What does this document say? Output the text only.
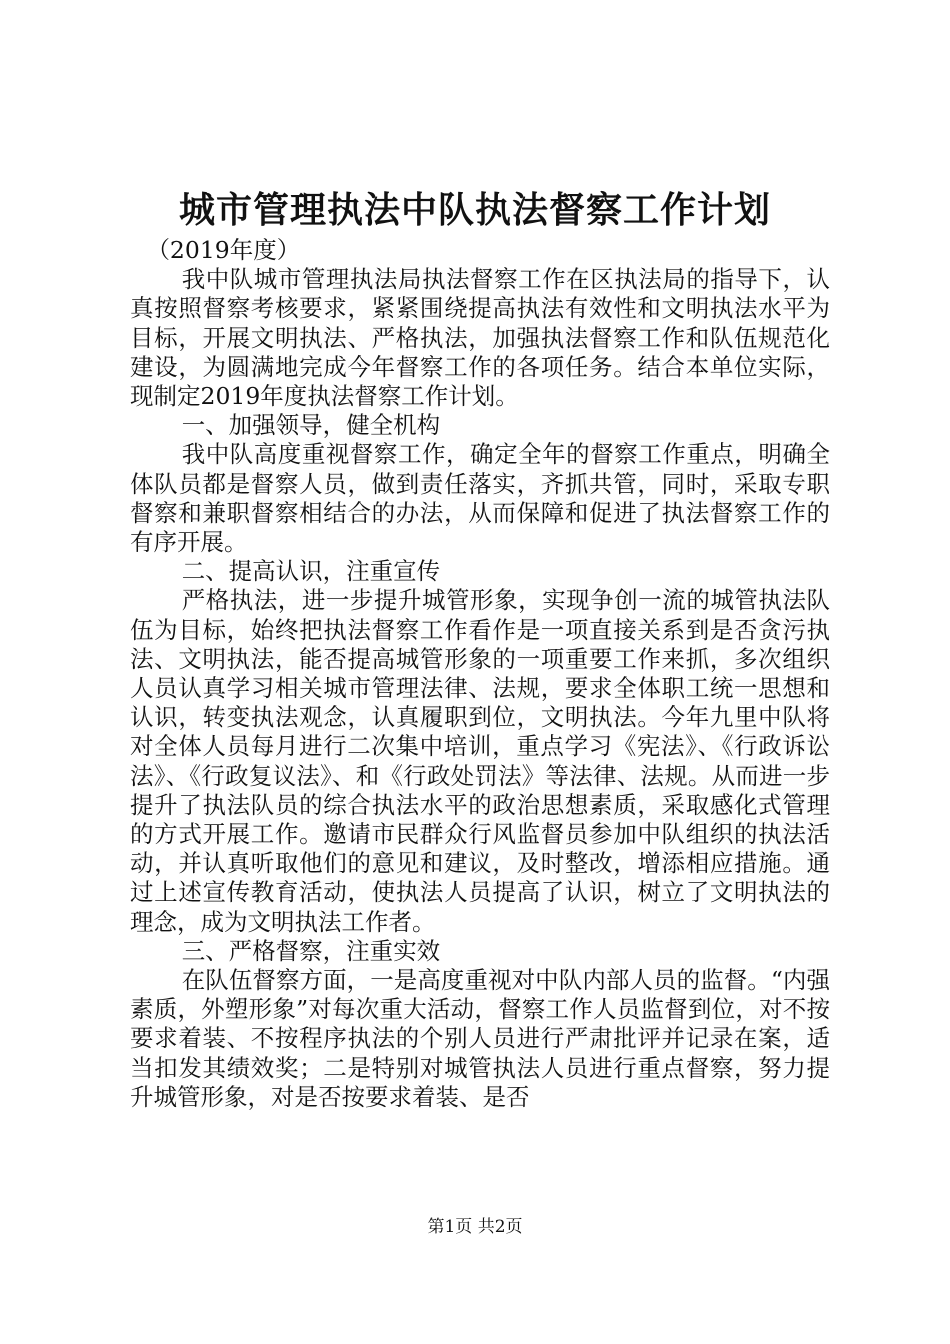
城市管理执法中队执法督察工作计划

（2019年度）

我中队城市管理执法局执法督察工作在区执法局的指导下，认真按照督察考核要求，紧紧围绕提高执法有效性和文明执法水平为目标，开展文明执法、严格执法，加强执法督察工作和队伍规范化建设，为圆满地完成今年督察工作的各项任务。结合本单位实际，现制定2019年度执法督察工作计划。

一、加强领导，健全机构

我中队高度重视督察工作，确定全年的督察工作重点，明确全体队员都是督察人员，做到责任落实，齐抓共管，同时，采取专职督察和兼职督察相结合的办法，从而保障和促进了执法督察工作的有序开展。

二、提高认识，注重宣传

严格执法，进一步提升城管形象，实现争创一流的城管执法队伍为目标，始终把执法督察工作看作是一项直接关系到是否贪污执法、文明执法，能否提高城管形象的一项重要工作来抓，多次组织人员认真学习相关城市管理法律、法规，要求全体职工统一思想和认识，转变执法观念，认真履职到位，文明执法。今年九里中队将对全体人员每月进行二次集中培训，重点学习《宪法》、《行政诉讼法》、《行政复议法》、和《行政处罚法》等法律、法规。从而进一步提升了执法队员的综合执法水平的政治思想素质，采取感化式管理的方式开展工作。邀请市民群众行风监督员参加中队组织的执法活动，并认真听取他们的意见和建议，及时整改，增添相应措施。通过上述宣传教育活动，使执法人员提高了认识，树立了文明执法的理念，成为文明执法工作者。

三、严格督察，注重实效

在队伍督察方面，一是高度重视对中队内部人员的监督。“内强素质，外塑形象”对每次重大活动，督察工作人员监督到位，对不按要求着装、不按程序执法的个别人员进行严肃批评并记录在案，适当扣发其绩效奖；二是特别对城管执法人员进行重点督察，努力提升城管形象，对是否按要求着装、是否

第1页 共2页
